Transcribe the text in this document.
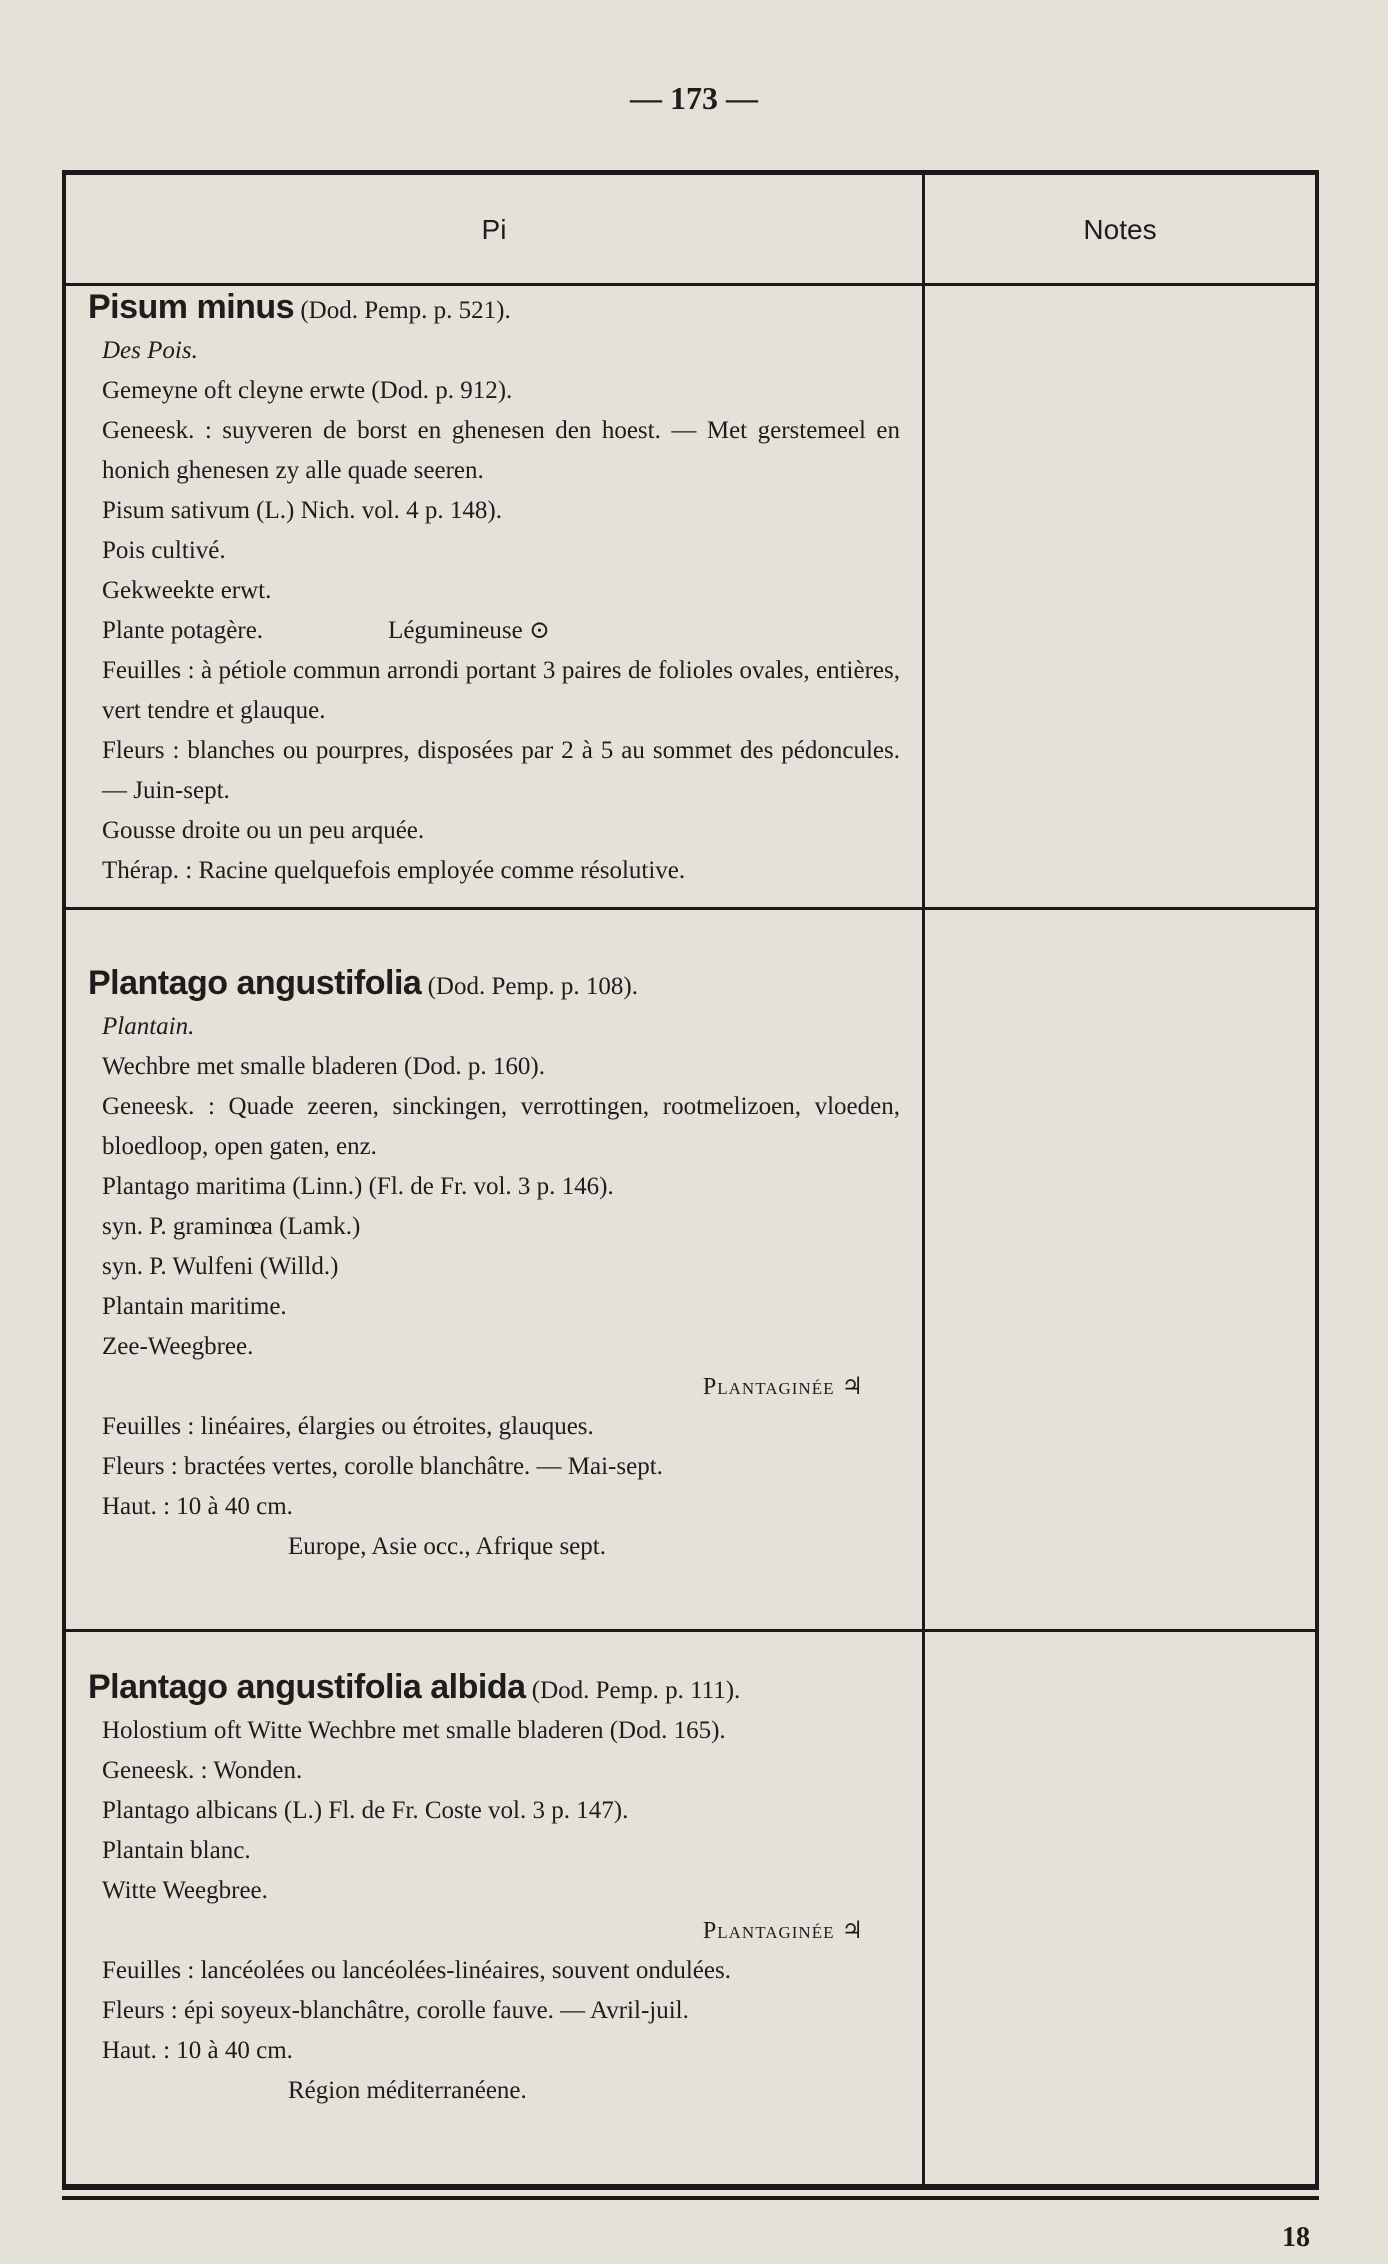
— 173 —
Pi	Notes

Pisum minus (Dod. Pemp. p. 521).

Des Pois.

Gemeyne oft cleyne erwte (Dod. p. 912).

Geneesk. : suyveren de borst en ghenesen den hoest. — Met gerstemeel en honich ghenesen zy alle quade seeren.

Pisum sativum (L.) Nich. vol. 4 p. 148).

Pois cultivé.

Gekweekte erwt.

Plante potagère.                    Légumineuse ⊙

Feuilles : à pétiole commun arrondi portant 3 paires de folioles ovales, entières, vert tendre et glauque.

Fleurs : blanches ou pourpres, disposées par 2 à 5 au sommet des pédoncules. — Juin-sept.

Gousse droite ou un peu arquée.

Thérap. : Racine quelquefois employée comme résolutive.

Plantago angustifolia (Dod. Pemp. p. 108).

Plantain.

Wechbre met smalle bladeren (Dod. p. 160).

Geneesk. : Quade zeeren, sinckingen, verrottingen, rootmelizoen, vloeden, bloedloop, open gaten, enz.

Plantago maritima (Linn.) (Fl. de Fr. vol. 3 p. 146).

syn. P. graminœa (Lamk.)

syn. P. Wulfeni (Willd.)

Plantain maritime.

Zee-Weegbree.

Plantaginée ♃

Feuilles : linéaires, élargies ou étroites, glauques.

Fleurs : bractées vertes, corolle blanchâtre. — Mai-sept.

Haut. : 10 à 40 cm.

Europe, Asie occ., Afrique sept.

Plantago angustifolia albida (Dod. Pemp. p. 111).

Holostium oft Witte Wechbre met smalle bladeren (Dod. 165).

Geneesk. : Wonden.

Plantago albicans (L.) Fl. de Fr. Coste vol. 3 p. 147).

Plantain blanc.

Witte Weegbree.

Plantaginée ♃

Feuilles : lancéolées ou lancéolées-linéaires, souvent ondulées.

Fleurs : épi soyeux-blanchâtre, corolle fauve. — Avril-juil.

Haut. : 10 à 40 cm.

Région méditerranéene.

18
